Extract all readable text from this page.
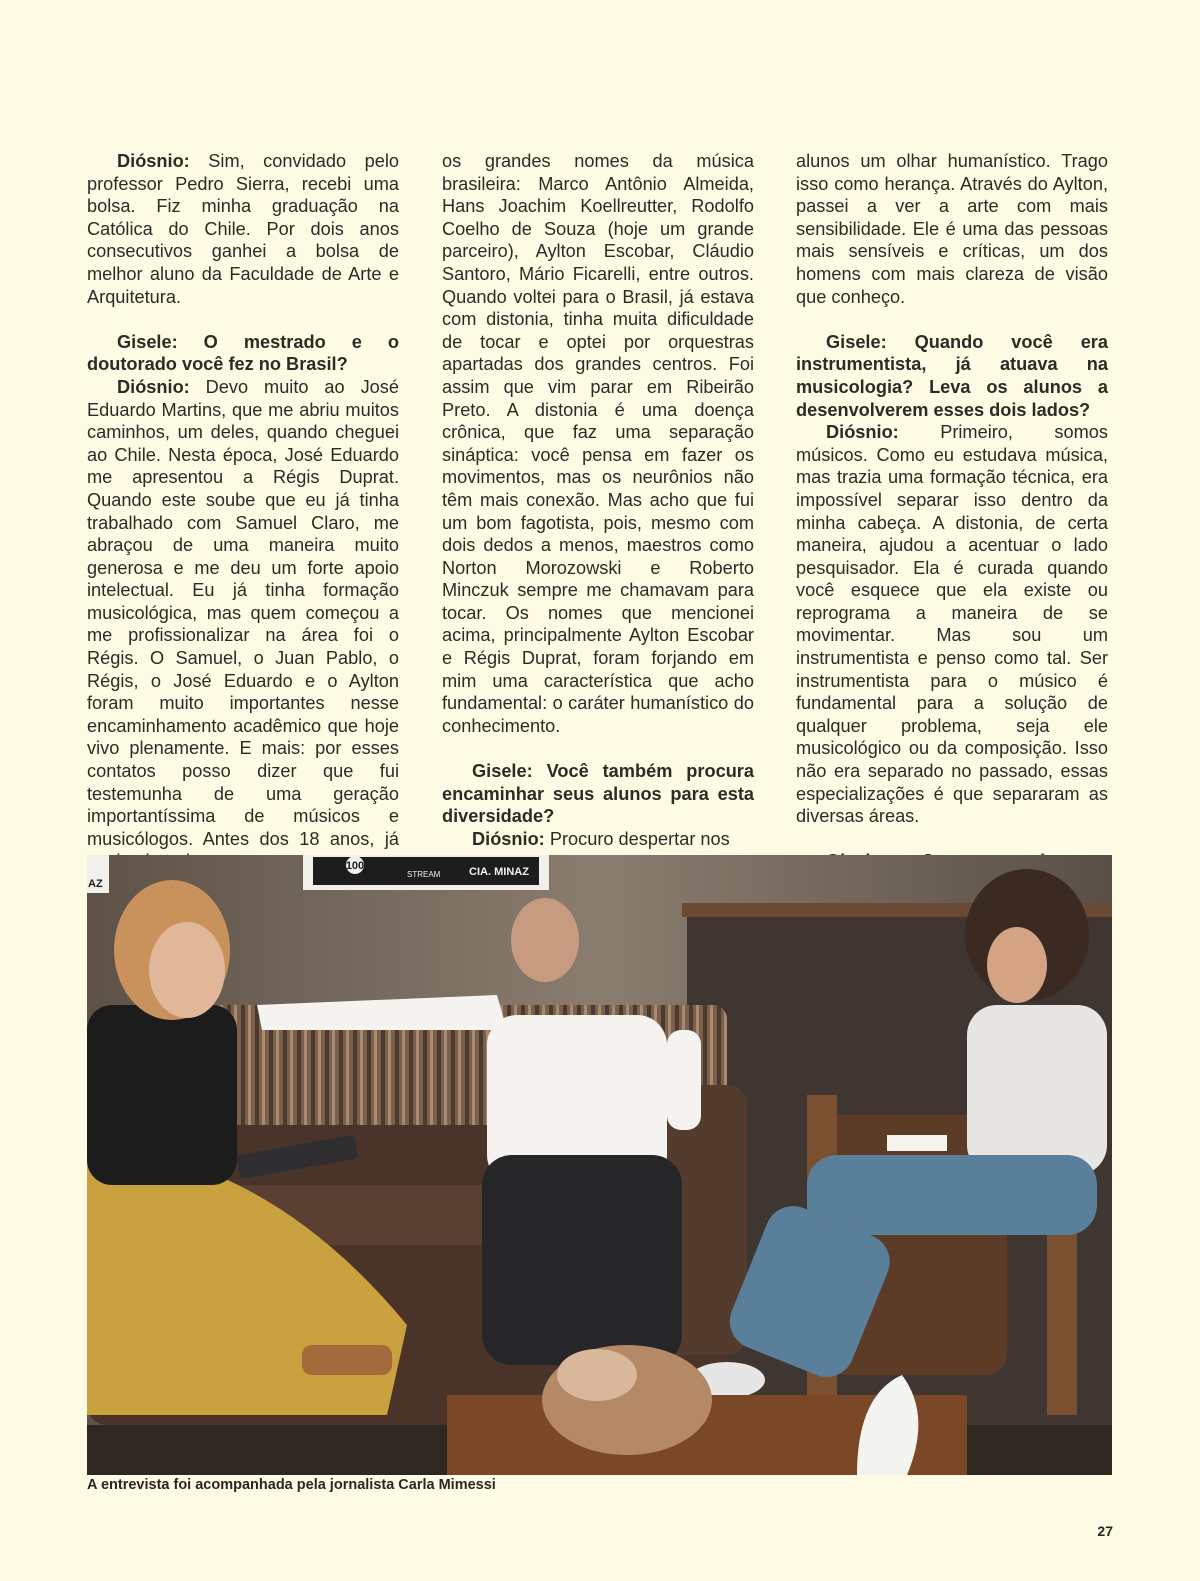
Diósnio: Sim, convidado pelo professor Pedro Sierra, recebi uma bolsa. Fiz minha graduação na Católica do Chile. Por dois anos consecutivos ganhei a bolsa de melhor aluno da Faculdade de Arte e Arquitetura.

Gisele: O mestrado e o doutorado você fez no Brasil?

Diósnio: Devo muito ao José Eduardo Martins, que me abriu muitos caminhos, um deles, quando cheguei ao Chile. Nesta época, José Eduardo me apresentou a Régis Duprat. Quando este soube que eu já tinha trabalhado com Samuel Claro, me abraçou de uma maneira muito generosa e me deu um forte apoio intelectual. Eu já tinha formação musicológica, mas quem começou a me profissionalizar na área foi o Régis. O Samuel, o Juan Pablo, o Régis, o José Eduardo e o Aylton foram muito importantes nesse encaminhamento acadêmico que hoje vivo plenamente. E mais: por esses contatos posso dizer que fui testemunha de uma geração importantíssima de músicos e musicólogos. Antes dos 18 anos, já

os grandes nomes da música brasileira: Marco Antônio Almeida, Hans Joachim Koellreutter, Rodolfo Coelho de Souza (hoje um grande parceiro), Aylton Escobar, Cláudio Santoro, Mário Ficarelli, entre outros. Quando voltei para o Brasil, já estava com distonia, tinha muita dificuldade de tocar e optei por orquestras apartadas dos grandes centros. Foi assim que vim parar em Ribeirão Preto. A distonia é uma doença crônica, que faz uma separação sináptica: você pensa em fazer os movimentos, mas os neurônios não têm mais conexão. Mas acho que fui um bom fagotista, pois, mesmo com dois dedos a menos, maestros como Norton Morozowski e Roberto Minczuk sempre me chamavam para tocar. Os nomes que mencionei acima, principalmente Aylton Escobar e Régis Duprat, foram forjando em mim uma característica que acho fundamental: o caráter humanístico do conhecimento.

Gisele: Você também procura encaminhar seus alunos para esta diversidade?

Diósnio: Procuro despertar nos

alunos um olhar humanístico. Trago isso como herança. Através do Aylton, passei a ver a arte com mais sensibilidade. Ele é uma das pessoas mais sensíveis e críticas, um dos homens com mais clareza de visão que conheço.

Gisele: Quando você era instrumentista, já atuava na musicologia? Leva os alunos a desenvolverem esses dois lados?

Diósnio: Primeiro, somos músicos. Como eu estudava música, mas trazia uma formação técnica, era impossível separar isso dentro da minha cabeça. A distonia, de certa maneira, ajudou a acentuar o lado pesquisador. Ela é curada quando você esquece que ela existe ou reprograma a maneira de se movimentar. Mas sou um instrumentista e penso como tal. Ser instrumentista para o músico é fundamental para a solução de qualquer problema, seja ele musicológico ou da composição. Isso não era separado no passado, essas especializações é que separaram as diversas áreas.

100
STREAM	CIA. MINAZ
AZ
A entrevista foi acompanhada pela jornalista Carla Mimessi
27
